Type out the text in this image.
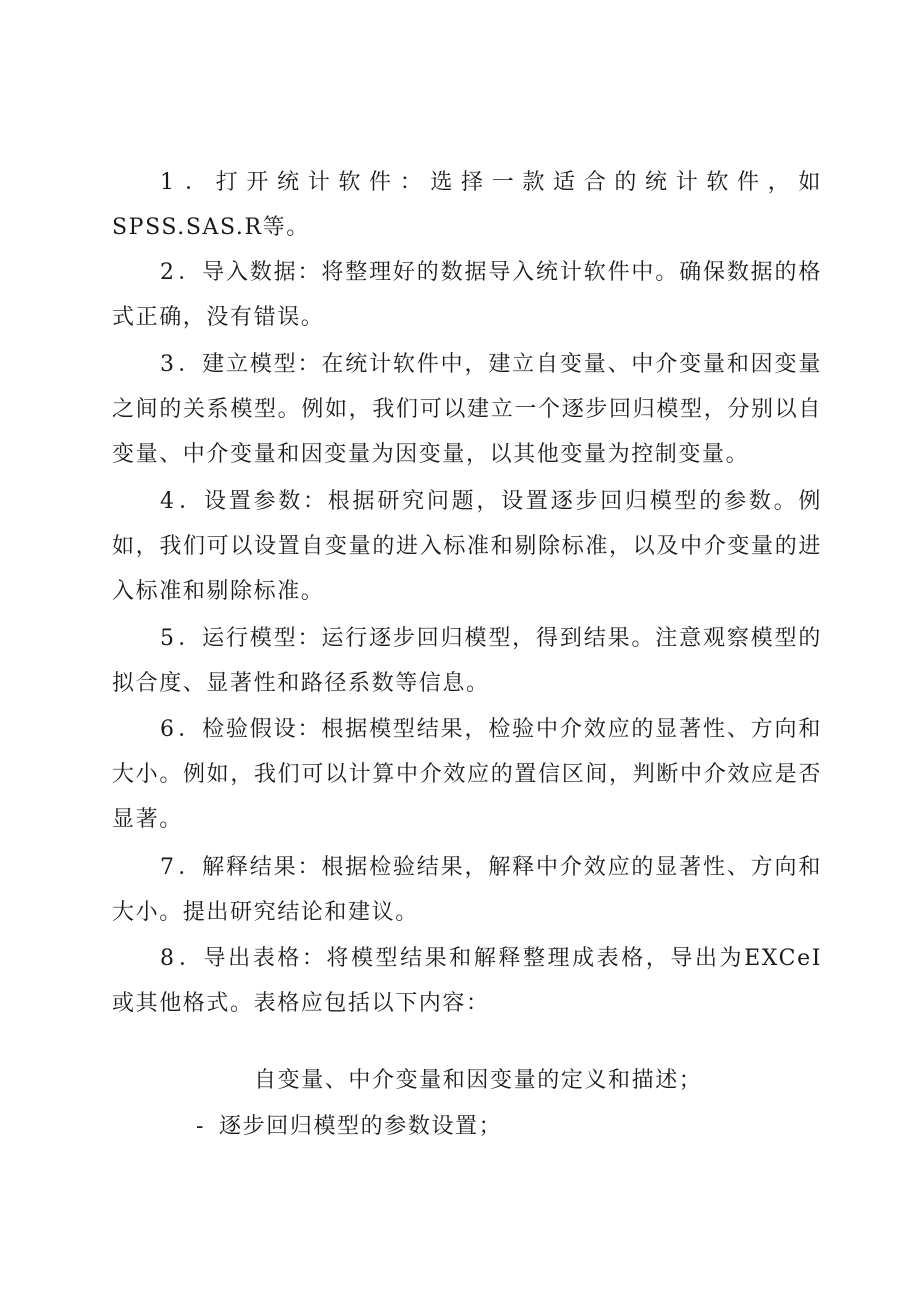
1．打开统计软件：选择一款适合的统计软件，如SPSS.SAS.R等。

2．导入数据：将整理好的数据导入统计软件中。确保数据的格式正确，没有错误。

3．建立模型：在统计软件中，建立自变量、中介变量和因变量之间的关系模型。例如，我们可以建立一个逐步回归模型，分别以自变量、中介变量和因变量为因变量，以其他变量为控制变量。

4．设置参数：根据研究问题，设置逐步回归模型的参数。例如，我们可以设置自变量的进入标准和剔除标准，以及中介变量的进入标准和剔除标准。

5．运行模型：运行逐步回归模型，得到结果。注意观察模型的拟合度、显著性和路径系数等信息。

6．检验假设：根据模型结果，检验中介效应的显著性、方向和大小。例如，我们可以计算中介效应的置信区间，判断中介效应是否显著。

7．解释结果：根据检验结果，解释中介效应的显著性、方向和大小。提出研究结论和建议。

8．导出表格：将模型结果和解释整理成表格，导出为EXCeI或其他格式。表格应包括以下内容：

自变量、中介变量和因变量的定义和描述；
- 逐步回归模型的参数设置；
